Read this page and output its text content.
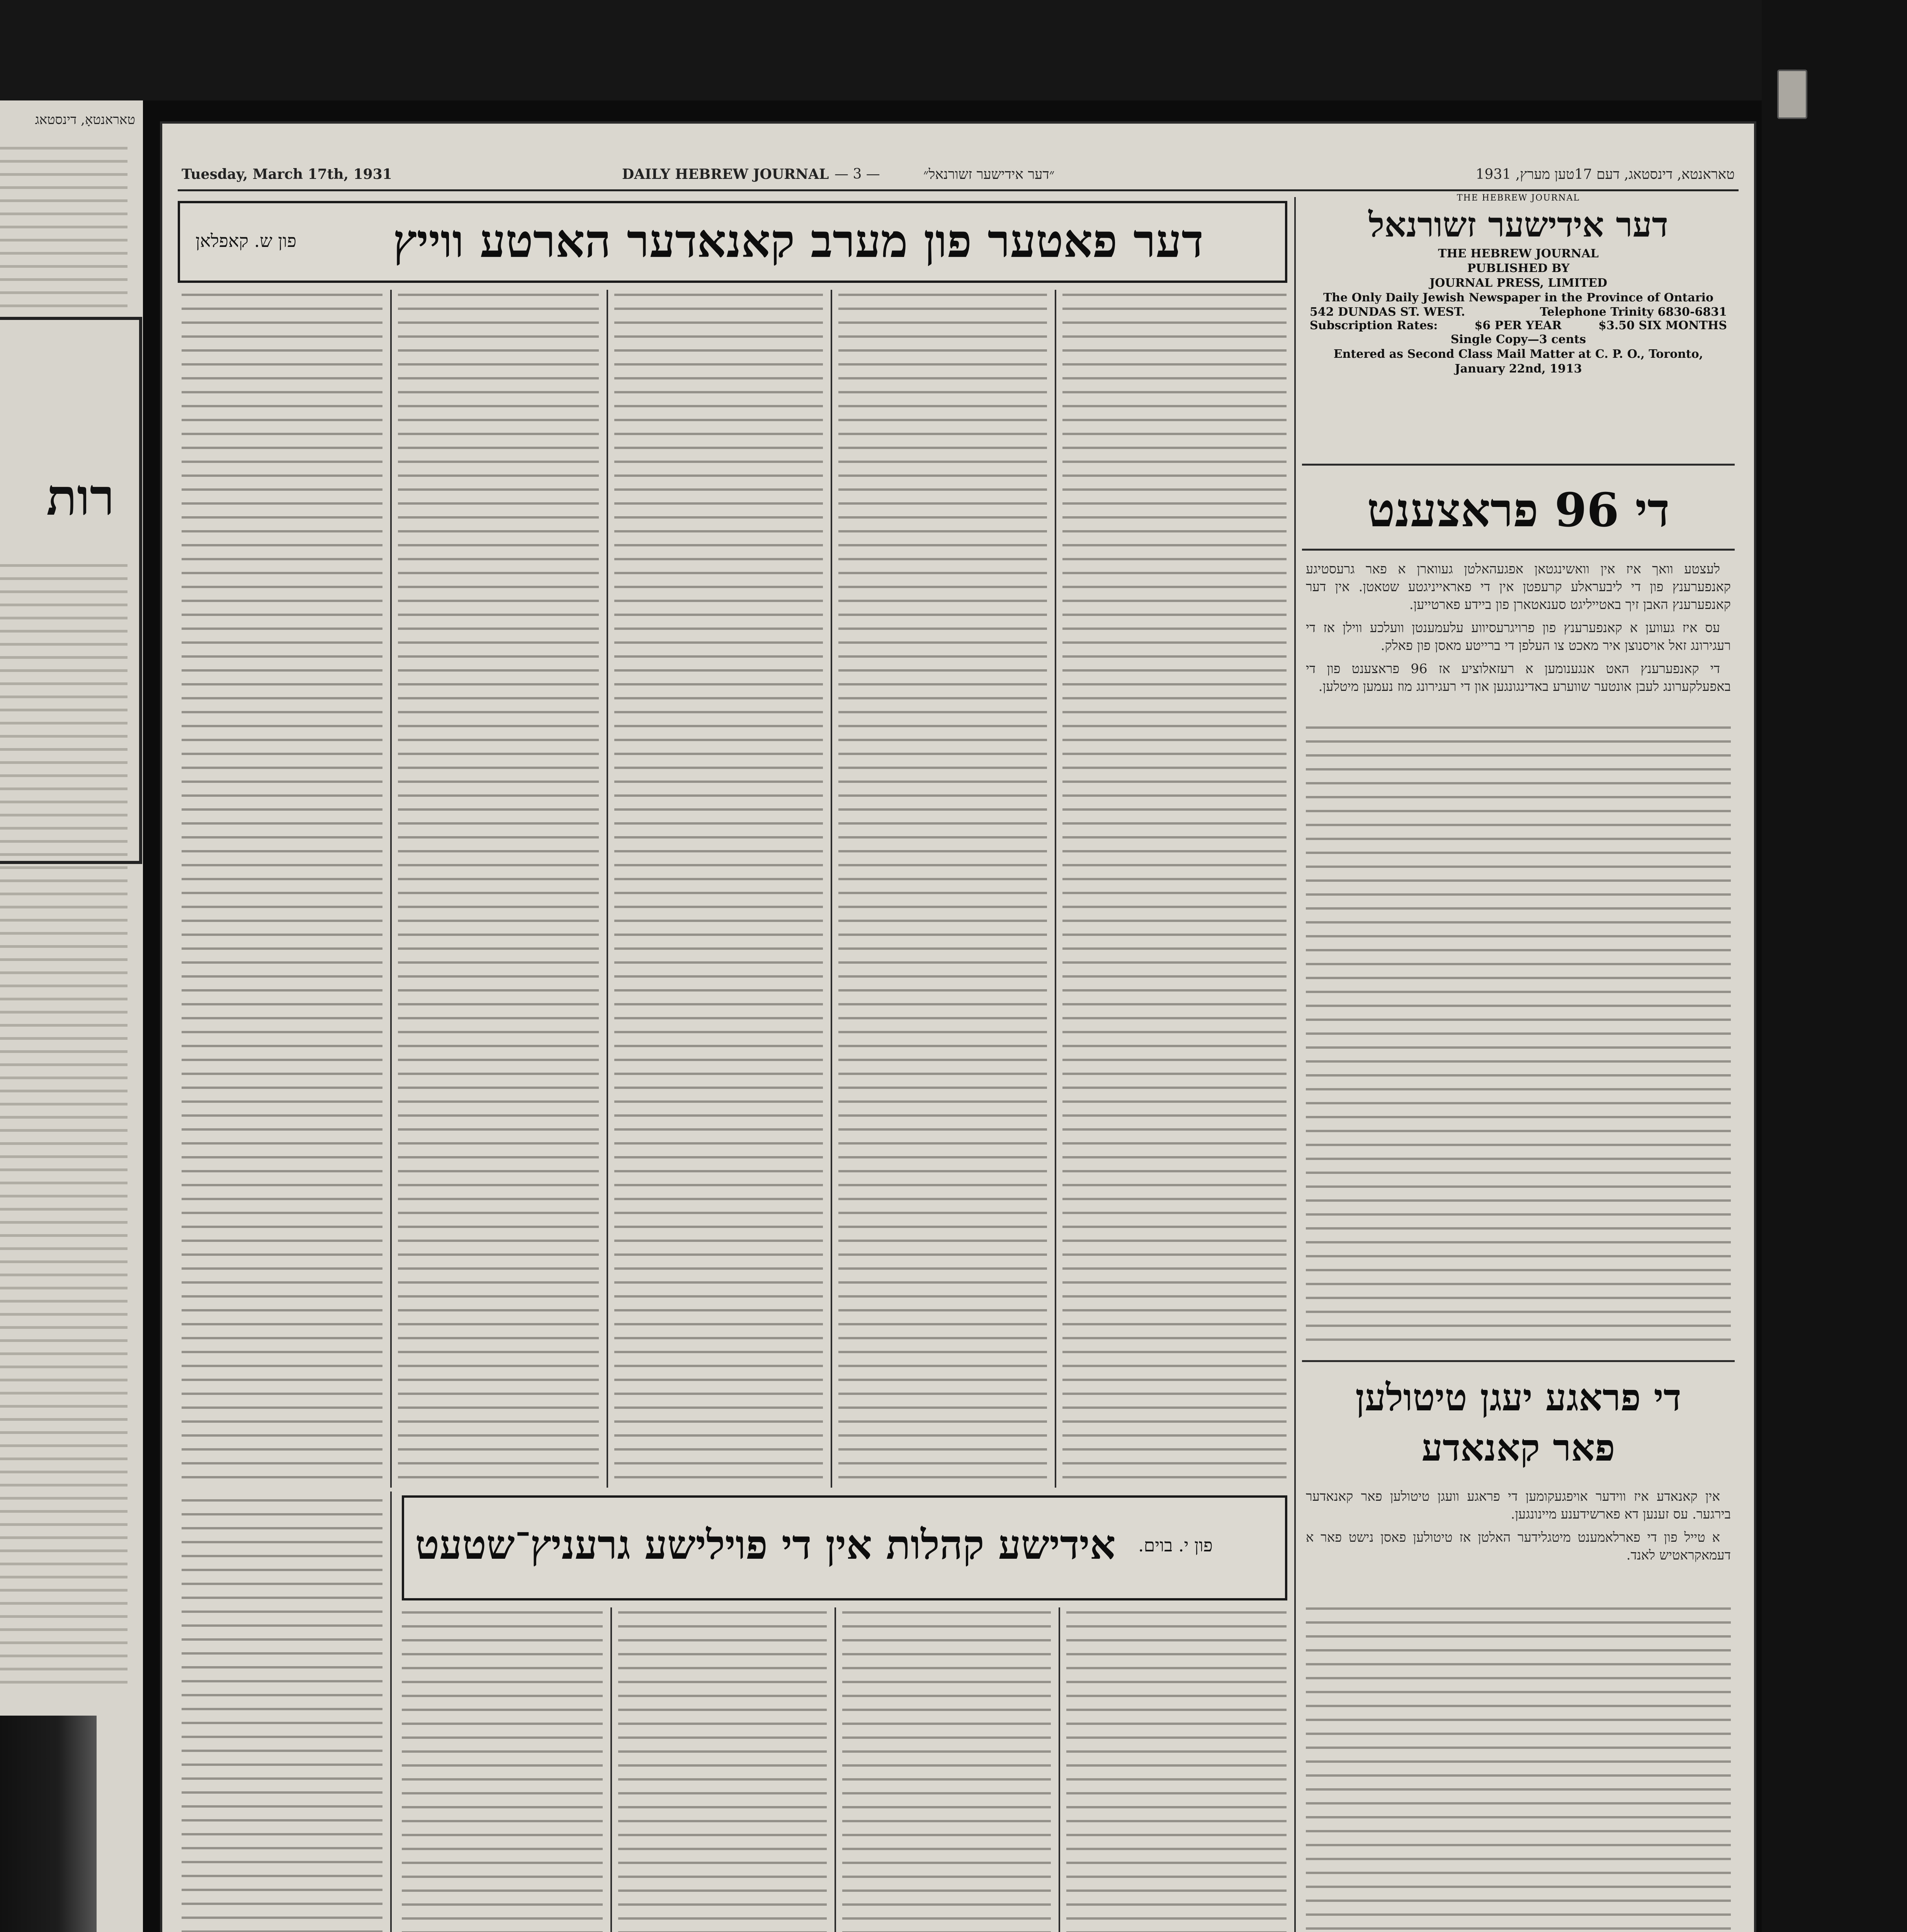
טאראנטאָ, דינסטאג
רות
Tuesday, March 17th, 1931	DAILY HEBREW JOURNAL — 3 —	״דער אידישער זשורנאל״	טאראנטא, דינסטאג, דעם 17טען מערץ, 1931
THE HEBREW JOURNAL
דער אידישער זשורנאל
THE HEBREW JOURNAL
PUBLISHED BY
JOURNAL PRESS, LIMITED
The Only Daily Jewish Newspaper in the Province of Ontario
542 DUNDAS ST. WEST.	Telephone Trinity 6830-6831
Subscription Rates:	$6 PER YEAR	$3.50 SIX MONTHS
Single Copy—3 cents
Entered as Second Class Mail Matter at C. P. O., Toronto,
January 22nd, 1913
די 96 פראצענט

לעצטע וואך איז אין וואשינגטאן אפגעהאלטן געווארן א פאר גרעסטיגע קאנפערענץ פון די ליבעראלע קרעפטן אין די פאראייניגטע שטאטן. אין דער קאנפערענץ האבן זיך באטייליגט סענאטארן פון ביידע פארטייען.

עס איז געווען א קאנפערענץ פון פרויגרעסיווע עלעמענטן וועלכע ווילן אז די רעגירונג זאל אויסנוצן איר מאכט צו העלפן די ברייטע מאסן פון פאלק.

די קאנפערענץ האט אנגענומען א רעזאלוציע אז 96 פראצענט פון די באפעלקערונג לעבן אונטער שווערע באדינגונגען און די רעגירונג מוז נעמען מיטלען.

די פראגע יעגן טיטולען
פאר קאנאדע

אין קאנאדע איז ווידער אויפגעקומען די פראגע וועגן טיטולען פאר קאנאדער בירגער. עס זענען דא פארשידענע מיינונגען.

א טייל פון די פארלאמענט מיטגלידער האלטן אז טיטולען פאסן נישט פאר א דעמאקראטיש לאנד.

דער פאטער פון מערב קאנאדער הארטע ווייץ
פון ש. קאפלאן
אידישע קהלות אין די פוילישע גרעניץ־שטעט	פון י. בוים.
